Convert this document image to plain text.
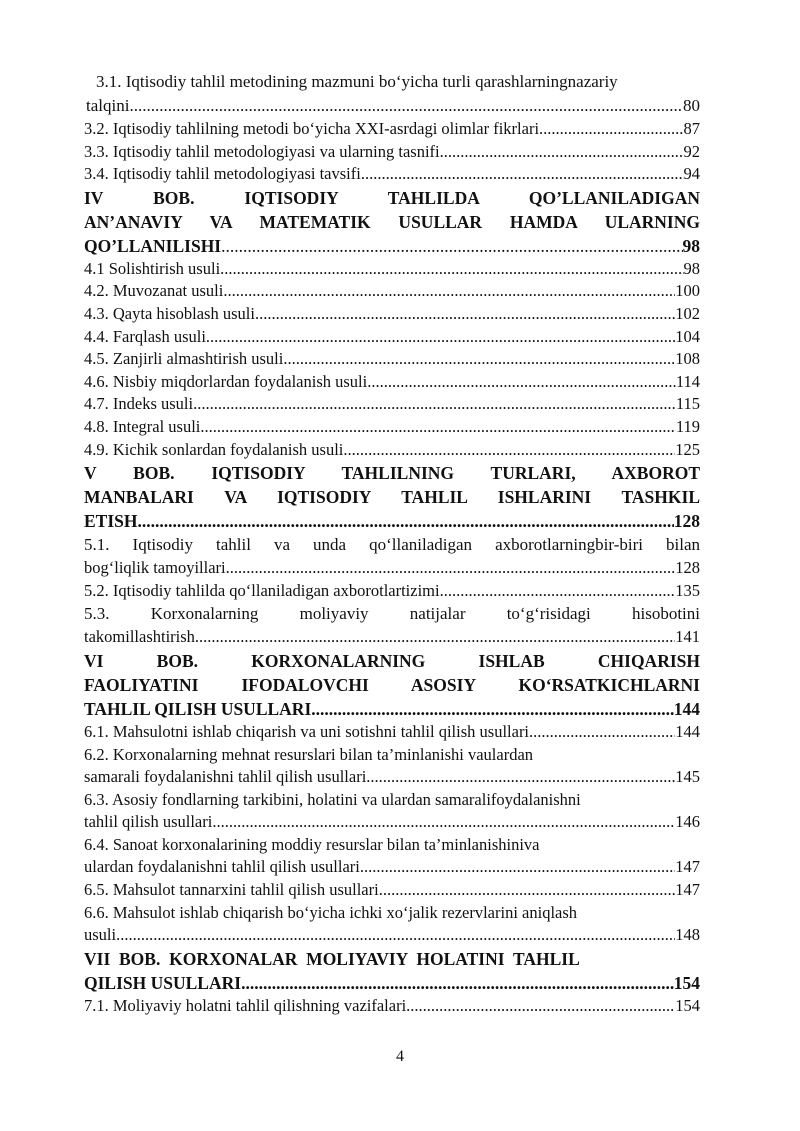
3.1. Iqtisodiy tahlil metodining mazmuni bo‘yicha turli qarashlarningnazariy
talqini .....	80
3.2. Iqtisodiy tahlilning metodi bo‘yicha XXI-asrdagi olimlar fikrlari .....	87
3.3. Iqtisodiy tahlil metodologiyasi va ularning tasnifi .....	92
3.4. Iqtisodiy tahlil metodologiyasi tavsifi .....	94
IV BOB. IQTISODIY TAHLILDA QO’LLANILADIGAN
AN’ANAVIY VA MATEMATIK USULLAR HAMDA ULARNING
QO’LLANILISHI .....	98
4.1 Solishtirish usuli .....	98
4.2. Muvozanat usuli .....	100
4.3. Qayta hisoblash usuli .....	102
4.4. Farqlash usuli .....	104
4.5. Zanjirli almashtirish usuli .....	108
4.6. Nisbiy miqdorlardan foydalanish usuli .....	114
4.7. Indeks usuli .....	115
4.8. Integral usuli .....	119
4.9. Kichik sonlardan foydalanish usuli .....	125
V BOB. IQTISODIY TAHLILNING TURLARI, AXBOROT
MANBALARI VA IQTISODIY TAHLIL ISHLARINI TASHKIL
ETISH .....	128
5.1. Iqtisodiy tahlil va unda qo‘llaniladigan axborotlarningbir-biri bilan
bog‘liqlik tamoyillari .....	128
5.2. Iqtisodiy tahlilda qo‘llaniladigan axborotlartizimi .....	135
5.3. Korxonalarning moliyaviy natijalar to‘g‘risidagi hisobotini
takomillashtirish .....	141
VI BOB. KORXONALARNING ISHLAB CHIQARISH
FAOLIYATINI IFODALOVCHI ASOSIY KO‘RSATKICHLARNI
TAHLIL QILISH USULLARI .....	144
6.1. Mahsulotni ishlab chiqarish va uni sotishni tahlil qilish usullari .....	144
6.2. Korxonalarning mehnat resurslari bilan ta’minlanishi vaulardan
samarali foydalanishni tahlil qilish usullari .....	145
6.3. Asosiy fondlarning tarkibini, holatini va ulardan samaralifoydalanishni
tahlil qilish usullari .....	146
6.4. Sanoat korxonalarining moddiy resurslar bilan ta’minlanishiniva
ulardan foydalanishni tahlil qilish usullari .....	147
6.5. Mahsulot tannarxini tahlil qilish usullari .....	147
6.6. Mahsulot ishlab chiqarish bo‘yicha ichki xo‘jalik rezervlarini aniqlash
usuli .....	148
VII  BOB.  KORXONALAR  MOLIYAVIY  HOLATINI  TAHLIL
QILISH USULLARI .....	154
7.1. Moliyaviy holatni tahlil qilishning vazifalari .....	154
4
